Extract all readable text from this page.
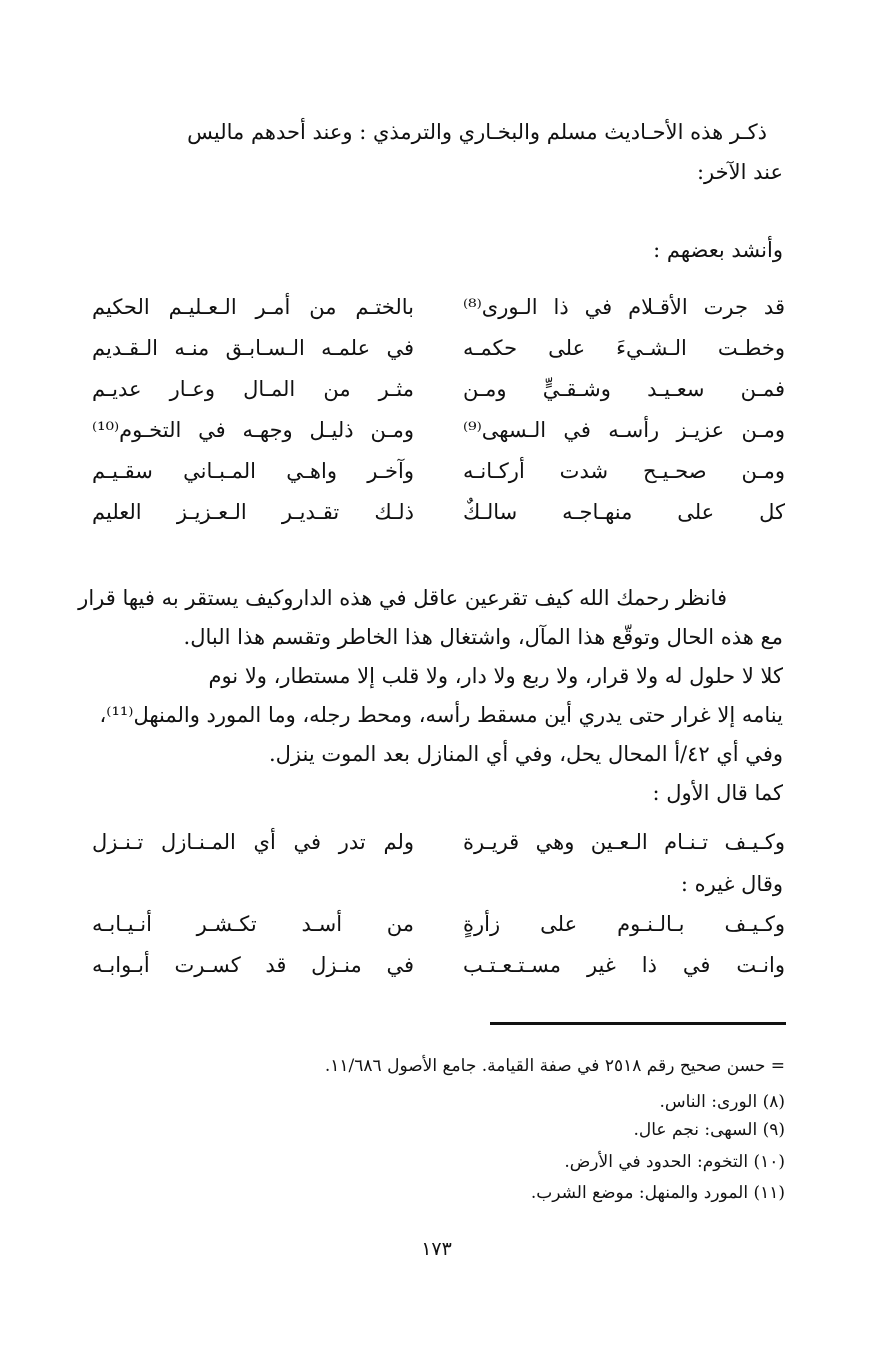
ذكـر هذه الأحـاديث مسلم والبخـاري والترمذي : وعند أحدهم ماليس
عند الآخر:
وأنشد بعضهم :
قد جرت الأقـلام في ذا الـورى⁽⁸⁾
بالختـم من أمـر الـعـليـم الحكيم
وخطـت الـشـيءَ على حكمـه
في علمـه الـسـابـق منـه الـقـديم
فمـن سعـيـد وشـقـيٍّ ومـن
مثـر من المـال وعـار عديـم
ومـن عزيـز رأسـه في الـسهى⁽⁹⁾
ومـن ذليـل وجهـه في التخـوم⁽¹⁰⁾
ومـن صحـيـح شدت أركـانـه
وآخـر واهـي المـبـاني سقـيـم
كل على منهـاجـه سالـكٌ
ذلـك تقـديـر الـعـزيـز العليم
فانظر رحمك الله كيف تقرعين عاقل في هذه الداروكيف يستقر به فيها قرار
مع هذه الحال وتوقّع هذا المآل، واشتغال هذا الخاطر وتقسم هذا البال.
كلا لا حلول له ولا قرار، ولا ربع ولا دار، ولا قلب إلا مستطار، ولا نوم
ينامه إلا غرار حتى يدري أين مسقط رأسه، ومحط رجله، وما المورد والمنهل⁽¹¹⁾،
وفي أي ٤٢/أ المحال يحل، وفي أي المنازل بعد الموت ينزل.
كما قال الأول :
وكـيـف تـنـام الـعـين وهي قريـرة
ولم تدر في أي المـنـازل تـنـزل
وقال غيره :
وكـيـف بـالـنـوم على زأرةٍ
من أسـد تكـشـر أنـيـابـه
وانـت في ذا غير مسـتـعـتـب
في منـزل قد كسـرت أبـوابـه
= حسن صحيح رقم ٢٥١٨ في صفة القيامة. جامع الأصول ١١/٦٨٦.
(٨) الورى: الناس.
(٩) السهى: نجم عال.
(١٠) التخوم: الحدود في الأرض.
(١١) المورد والمنهل: موضع الشرب.
١٧٣
